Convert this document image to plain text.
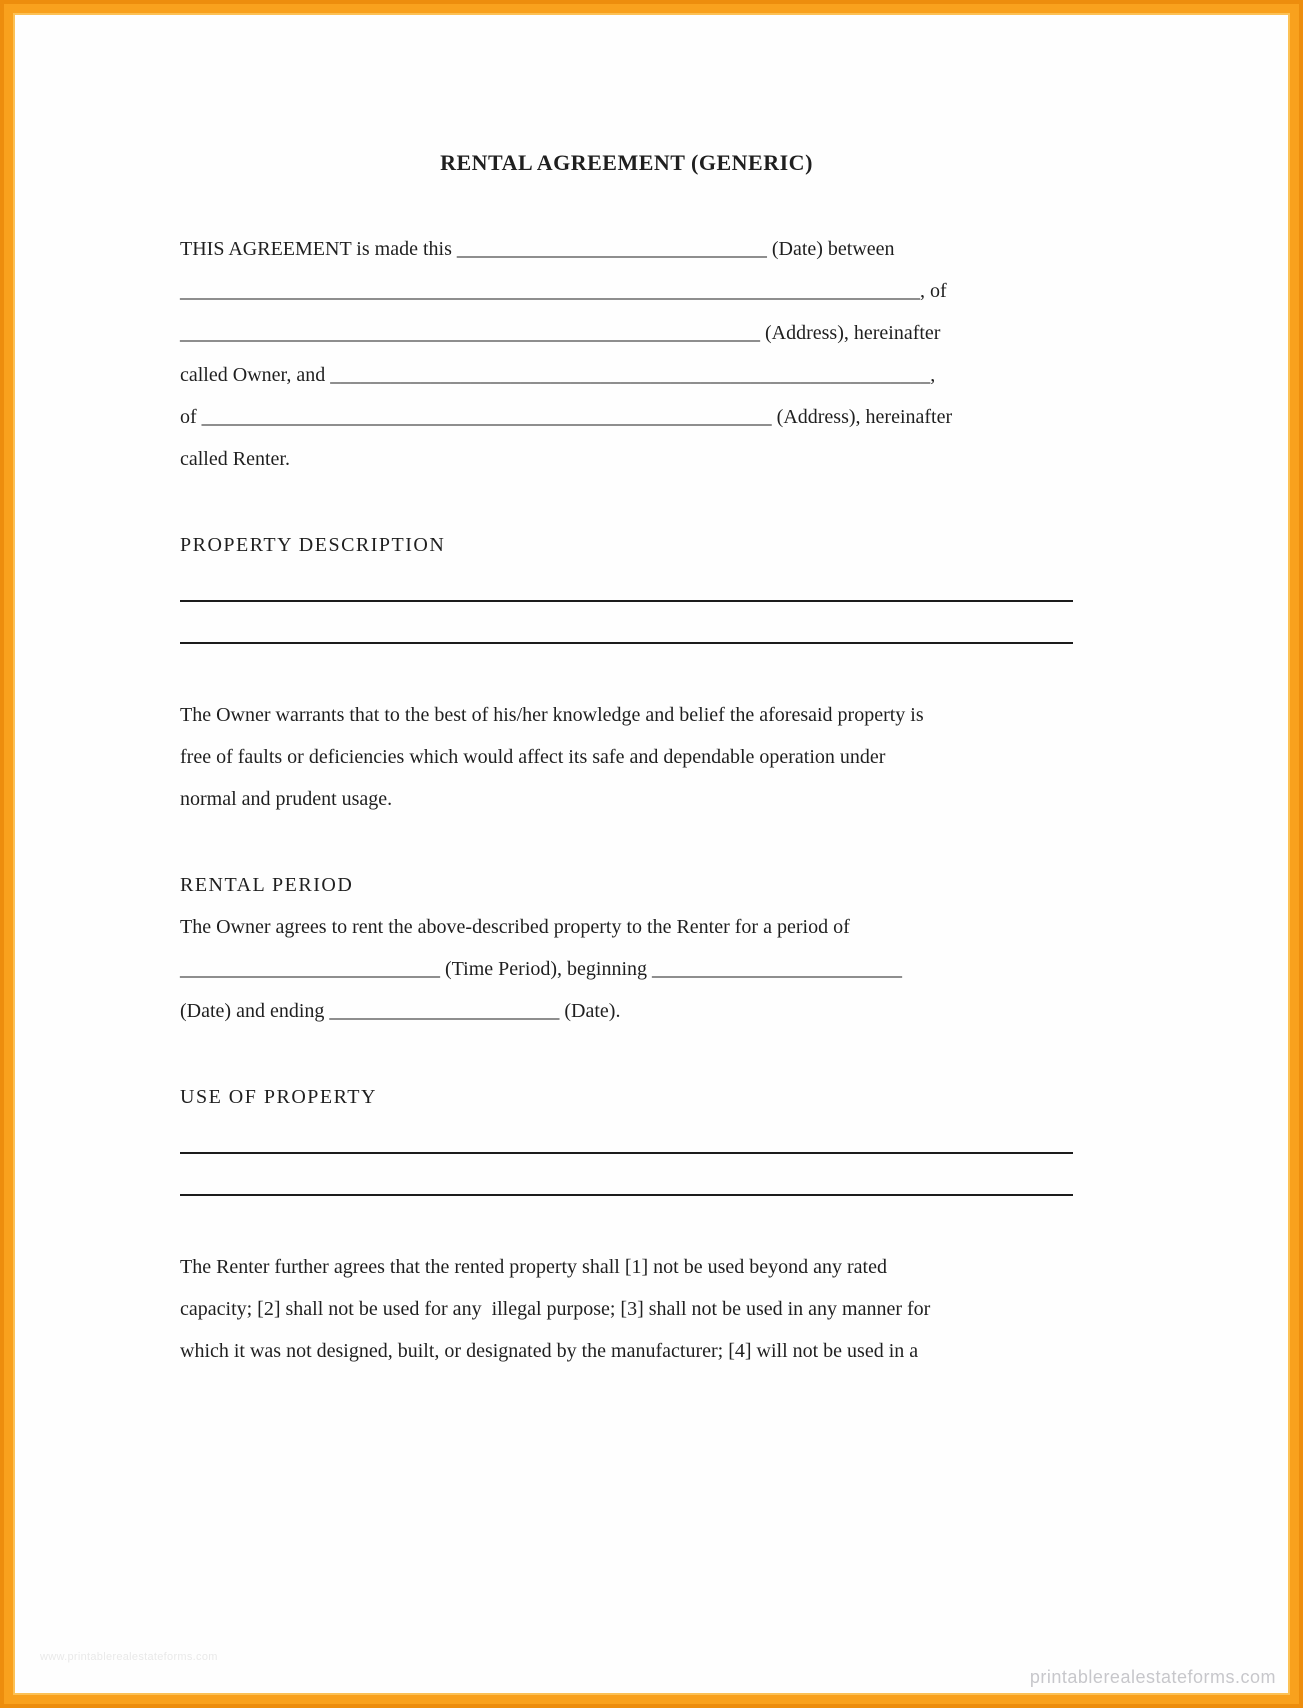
RENTAL AGREEMENT (GENERIC)
THIS AGREEMENT is made this _______________________________ (Date) between
__________________________________________________________________________, of
__________________________________________________________ (Address), hereinafter
called Owner, and ____________________________________________________________,
of _________________________________________________________ (Address), hereinafter
called Renter.
PROPERTY DESCRIPTION
The Owner warrants that to the best of his/her knowledge and belief the aforesaid property is
free of faults or deficiencies which would affect its safe and dependable operation under
normal and prudent usage.
RENTAL PERIOD
The Owner agrees to rent the above-described property to the Renter for a period of
__________________________ (Time Period), beginning _________________________
(Date) and ending _______________________ (Date).
USE OF PROPERTY
The Renter further agrees that the rented property shall [1] not be used beyond any rated
capacity; [2] shall not be used for any  illegal purpose; [3] shall not be used in any manner for
which it was not designed, built, or designated by the manufacturer; [4] will not be used in a
www.printablerealestateforms.com
printablerealestateforms.com
